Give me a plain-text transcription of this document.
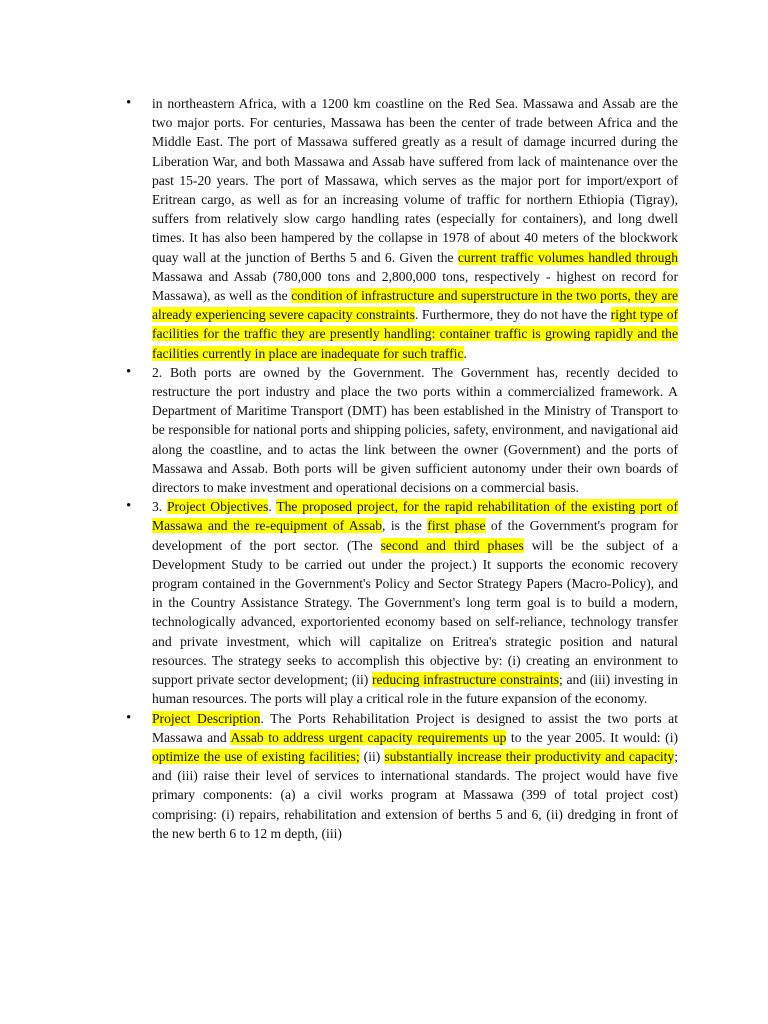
• in northeastern Africa, with a 1200 km coastline on the Red Sea. Massawa and Assab are the two major ports. For centuries, Massawa has been the center of trade between Africa and the Middle East. The port of Massawa suffered greatly as a result of damage incurred during the Liberation War, and both Massawa and Assab have suffered from lack of maintenance over the past 15-20 years. The port of Massawa, which serves as the major port for import/export of Eritrean cargo, as well as for an increasing volume of traffic for northern Ethiopia (Tigray), suffers from relatively slow cargo handling rates (especially for containers), and long dwell times. It has also been hampered by the collapse in 1978 of about 40 meters of the blockwork quay wall at the junction of Berths 5 and 6. Given the current traffic volumes handled through Massawa and Assab (780,000 tons and 2,800,000 tons, respectively - highest on record for Massawa), as well as the condition of infrastructure and superstructure in the two ports, they are already experiencing severe capacity constraints. Furthermore, they do not have the right type of facilities for the traffic they are presently handling: container traffic is growing rapidly and the facilities currently in place are inadequate for such traffic.

• 2. Both ports are owned by the Government. The Government has, recently decided to restructure the port industry and place the two ports within a commercialized framework. A Department of Maritime Transport (DMT) has been established in the Ministry of Transport to be responsible for national ports and shipping policies, safety, environment, and navigational aid along the coastline, and to actas the link between the owner (Government) and the ports of Massawa and Assab. Both ports will be given sufficient autonomy under their own boards of directors to make investment and operational decisions on a commercial basis.

• 3. Project Objectives. The proposed project, for the rapid rehabilitation of the existing port of Massawa and the re-equipment of Assab, is the first phase of the Government's program for development of the port sector. (The second and third phases will be the subject of a Development Study to be carried out under the project.) It supports the economic recovery program contained in the Government's Policy and Sector Strategy Papers (Macro-Policy), and in the Country Assistance Strategy. The Government's long term goal is to build a modern, technologically advanced, exportoriented economy based on self-reliance, technology transfer and private investment, which will capitalize on Eritrea's strategic position and natural resources. The strategy seeks to accomplish this objective by: (i) creating an environment to support private sector development; (ii) reducing infrastructure constraints; and (iii) investing in human resources. The ports will play a critical role in the future expansion of the economy.

• Project Description. The Ports Rehabilitation Project is designed to assist the two ports at Massawa and Assab to address urgent capacity requirements up to the year 2005. It would: (i) optimize the use of existing facilities; (ii) substantially increase their productivity and capacity; and (iii) raise their level of services to international standards. The project would have five primary components: (a) a civil works program at Massawa (399 of total project cost) comprising: (i) repairs, rehabilitation and extension of berths 5 and 6, (ii) dredging in front of the new berth 6 to 12 m depth, (iii)
